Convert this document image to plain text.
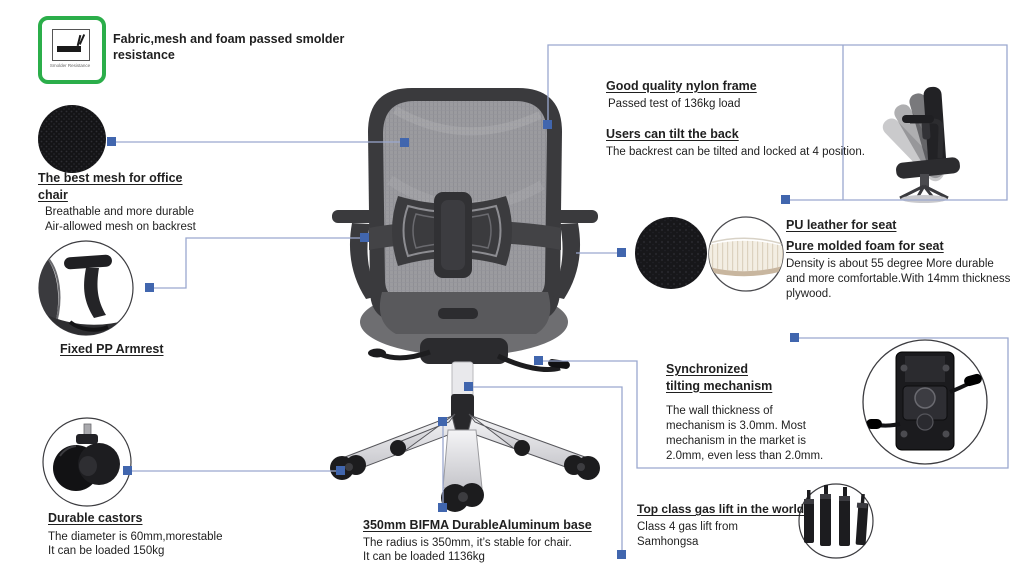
Smolder Resistance
Fabric,mesh and foam passed smolder resistance
The best mesh for office chair
Breathable and more durable
Air-allowed mesh on backrest
Fixed PP Armrest
Durable castors
The diameter is 60mm,morestable
It can be loaded 150kg
Good quality nylon frame
Passed test of 136kg load
Users can tilt the back
The backrest can be tilted and locked at 4 position.
PU leather for seat
Pure molded foam for seat
Density is about 55 degree More durable
and more comfortable.With 14mm thickness
plywood.
Synchronized
tilting mechanism
The wall thickness of
mechanism is 3.0mm. Most
mechanism in the market is
2.0mm, even less than 2.0mm.
350mm BIFMA DurableAluminum base
The radius is 350mm, it’s stable for chair.
It can be loaded 1136kg
Top class gas lift in the world
Class 4 gas lift from
Samhongsa
